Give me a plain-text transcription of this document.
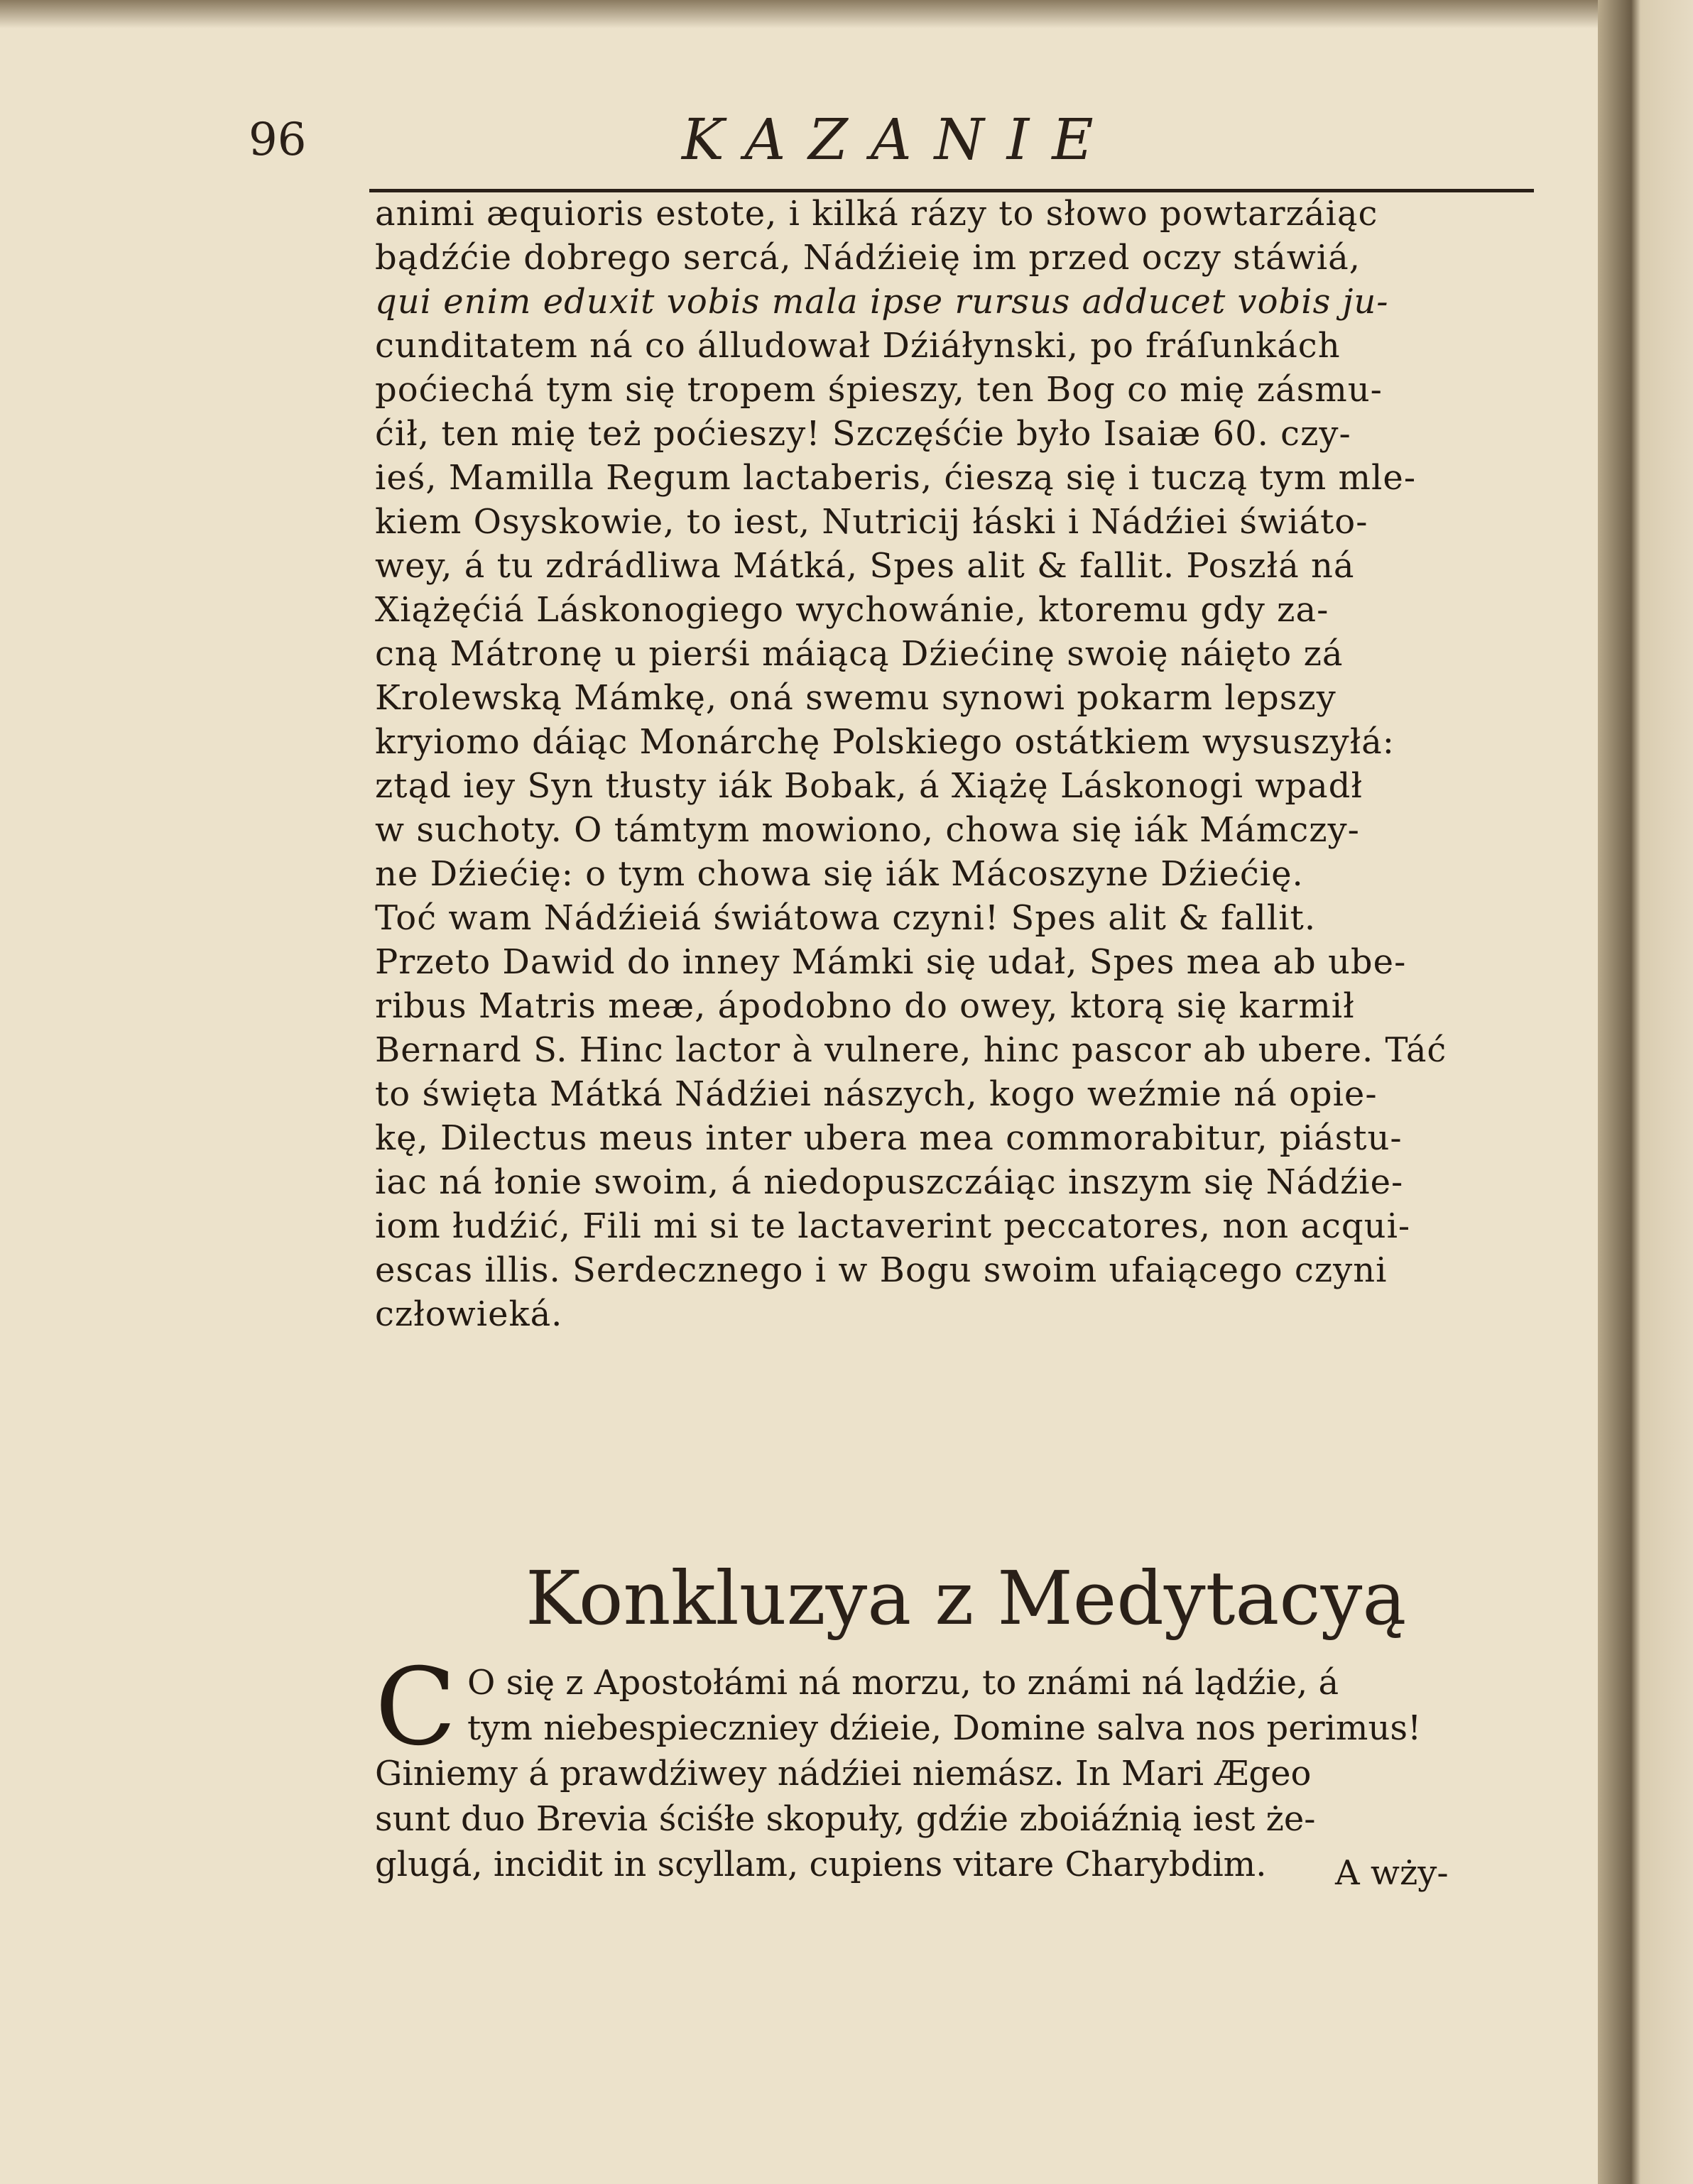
96	KAZANIE
animi æquioris estote, i kilká rázy to słowo powtarzáiąc
bądźćie dobrego sercá, Nádźieię im przed oczy stáwiá,
qui enim eduxit vobis mala ipse rursus adducet vobis ju-
cunditatem ná co álludował Dźiáłynski, po fráſunkách
poćiechá tym się tropem śpieszy, ten Bog co mię zásmu-
ćił, ten mię też poćieszy! Szczęśćie było Isaiæ 60. czy-
ieś, Mamilla Regum lactaberis, ćieszą się i tuczą tym mle-
kiem Osyskowie, to iest, Nutricij łáski i Nádźiei świáto-
wey, á tu zdrádliwa Mátká, Spes alit & fallit. Poszłá ná
Xiążęćiá Láskonogiego wychowánie, ktoremu gdy za-
cną Mátronę u pierśi máiącą Dźiećinę swoię náięto zá
Krolewską Mámkę, oná swemu synowi pokarm lepszy
kryiomo dáiąc Monárchę Polskiego ostátkiem wysuszyłá:
ztąd iey Syn tłusty iák Bobak, á Xiążę Láskonogi wpadł
w suchoty. O támtym mowiono, chowa się iák Mámczy-
ne Dźiećię: o tym chowa się iák Mácoszyne Dźiećię.
Toć wam Nádźieiá świátowa czyni! Spes alit & fallit.
Przeto Dawid do inney Mámki się udał, Spes mea ab ube-
ribus Matris meæ, ápodobno do owey, ktorą się karmił
Bernard S. Hinc lactor à vulnere, hinc pascor ab ubere. Táć
to święta Mátká Nádźiei nászych, kogo weźmie ná opie-
kę, Dilectus meus inter ubera mea commorabitur, piástu-
iac ná łonie swoim, á niedopuszczáiąc inszym się Nádźie-
iom łudźić, Fili mi si te lactaverint peccatores, non acqui-
escas illis. Serdecznego i w Bogu swoim ufaiącego czyni
człowieká.
Konkluzya z Medytacyą
C O się z Apostołámi ná morzu, to známi ná lądźie, á
tym niebespieczniey dźieie, Domine salva nos perimus!
Giniemy á prawdźiwey nádźiei niemász. In Mari Ægeo
sunt duo Brevia ściśłe skopuły, gdźie zboiáźnią iest że-
glugá, incidit in scyllam, cupiens vitare Charybdim.	A wży-
